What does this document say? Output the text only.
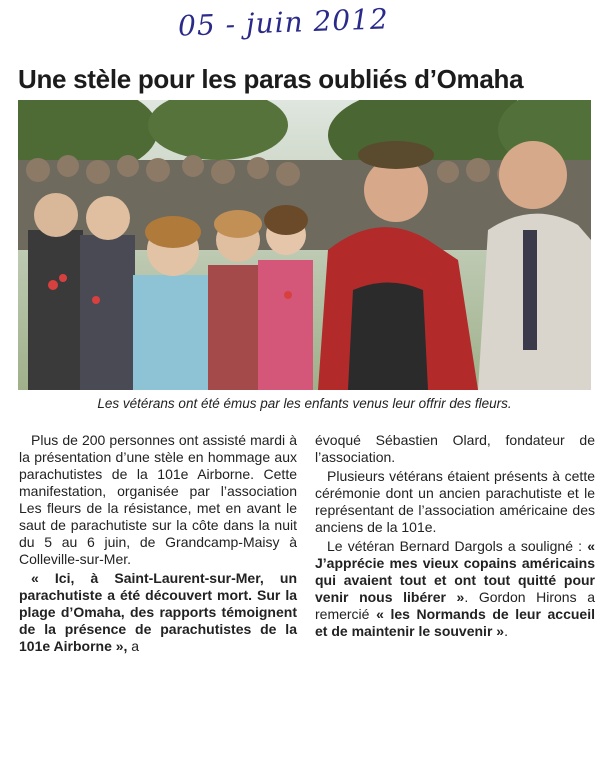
05 - juin 2012
Une stèle pour les paras oubliés d’Omaha
Les vétérans ont été émus par les enfants venus leur offrir des fleurs.

Plus de 200 personnes ont assisté mardi à la présentation d’une stèle en hommage aux parachutistes de la 101e Airborne. Cette manifestation, organisée par l’association Les fleurs de la résistance, met en avant le saut de parachutiste sur la côte dans la nuit du 5 au 6 juin, de Grandcamp-Maisy à Colleville-sur-Mer.

« Ici, à Saint-Laurent-sur-Mer, un parachutiste a été découvert mort. Sur la plage d’Omaha, des rapports témoignent de la présence de parachutistes de la 101e Airborne », a

évoqué Sébastien Olard, fondateur de l’association.

Plusieurs vétérans étaient présents à cette cérémonie dont un ancien parachutiste et le représentant de l’association américaine des anciens de la 101e.

Le vétéran Bernard Dargols a souligné : « J’apprécie mes vieux copains américains qui avaient tout et ont tout quitté pour venir nous libérer ». Gordon Hirons a remercié « les Normands de leur accueil et de maintenir le souvenir ».
